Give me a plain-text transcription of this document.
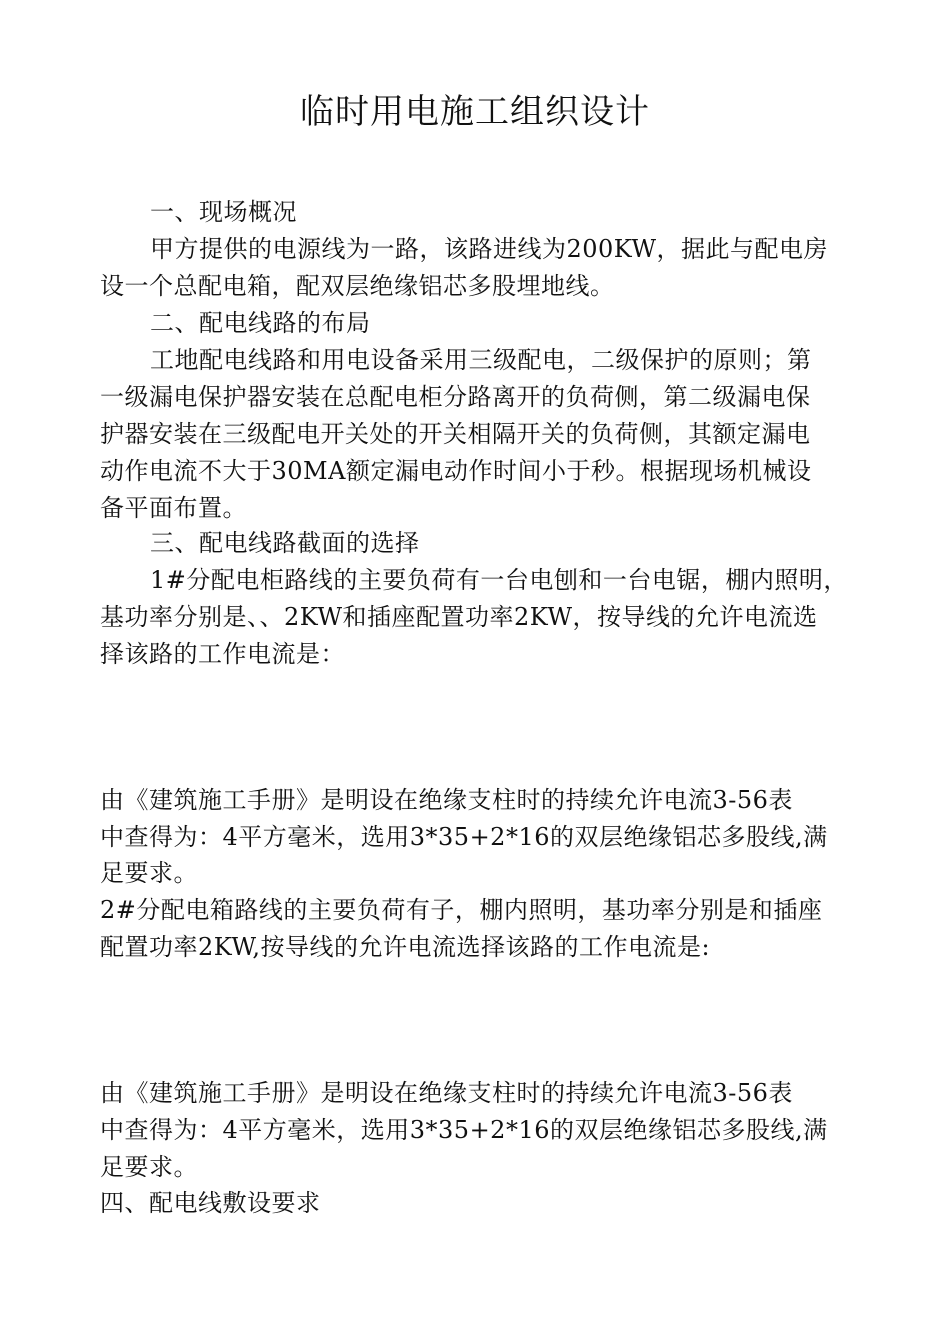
临时用电施工组织设计
一、现场概况
甲方提供的电源线为一路，该路进线为200KW，据此与配电房
设一个总配电箱，配双层绝缘铝芯多股埋地线。
二、配电线路的布局
工地配电线路和用电设备采用三级配电，二级保护的原则；第
一级漏电保护器安装在总配电柜分路离开的负荷侧，第二级漏电保
护器安装在三级配电开关处的开关相隔开关的负荷侧，其额定漏电
动作电流不大于30MA额定漏电动作时间小于秒。根据现场机械设
备平面布置。
三、配电线路截面的选择
1#分配电柜路线的主要负荷有一台电刨和一台电锯，棚内照明，
基功率分别是、、2KW和插座配置功率2KW，按导线的允许电流选
择该路的工作电流是：
由《建筑施工手册》是明设在绝缘支柱时的持续允许电流3-56表
中查得为：4平方毫米，选用3*35+2*16的双层绝缘铝芯多股线,满
足要求。
2#分配电箱路线的主要负荷有子，棚内照明，基功率分别是和插座
配置功率2KW,按导线的允许电流选择该路的工作电流是:
由《建筑施工手册》是明设在绝缘支柱时的持续允许电流3-56表
中查得为：4平方毫米，选用3*35+2*16的双层绝缘铝芯多股线,满
足要求。
四、配电线敷设要求
